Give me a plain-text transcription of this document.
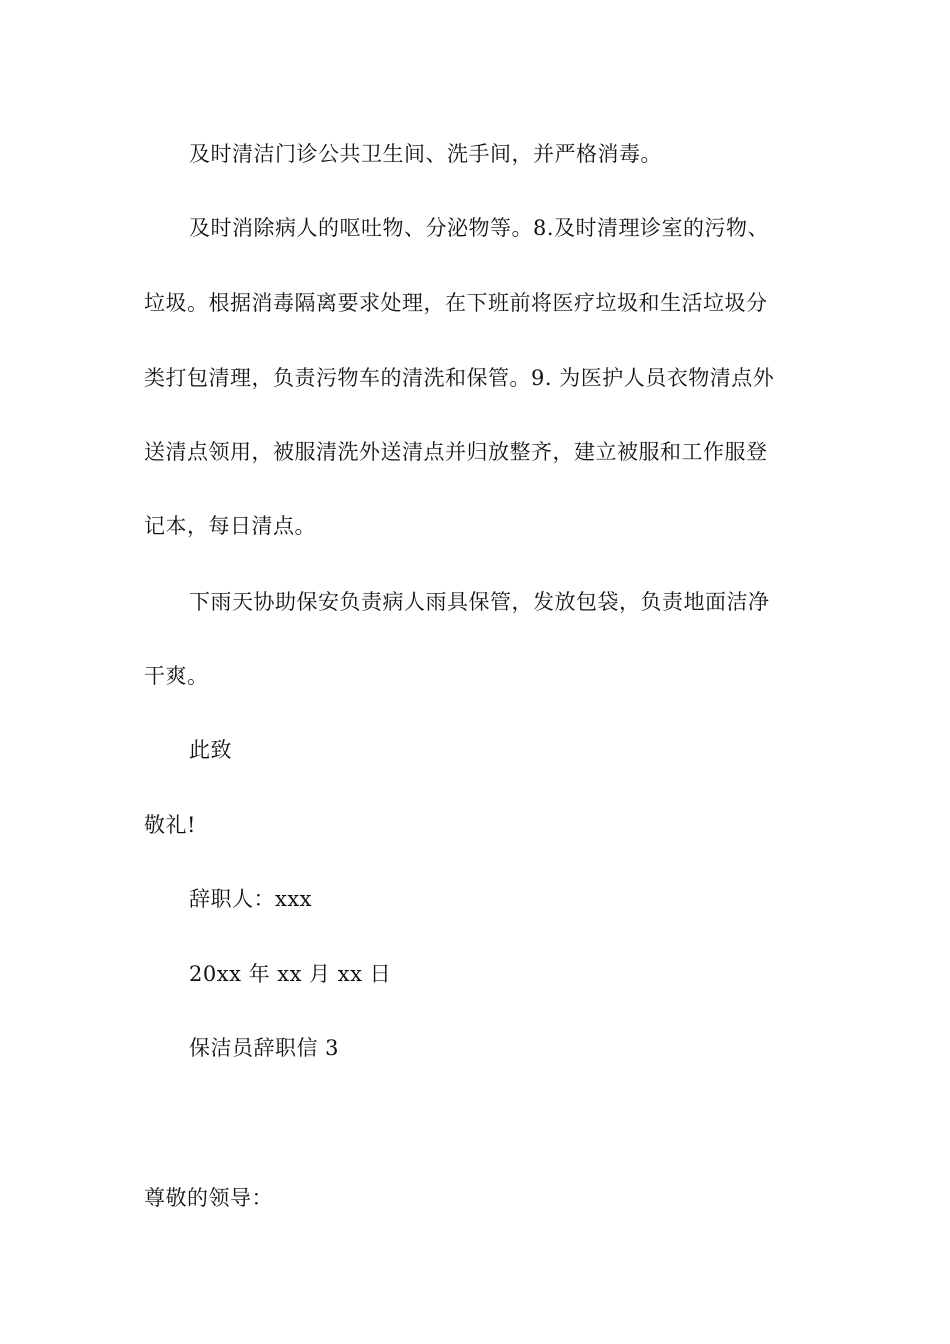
及时清洁门诊公共卫生间、洗手间，并严格消毒。
及时消除病人的呕吐物、分泌物等。8.及时清理诊室的污物、
垃圾。根据消毒隔离要求处理，在下班前将医疗垃圾和生活垃圾分
类打包清理，负责污物车的清洗和保管。9. 为医护人员衣物清点外
送清点领用，被服清洗外送清点并归放整齐，建立被服和工作服登
记本，每日清点。
下雨天协助保安负责病人雨具保管，发放包袋，负责地面洁净
干爽。
此致
敬礼!
辞职人：xxx
20xx 年 xx 月 xx 日
保洁员辞职信 3
尊敬的领导：
